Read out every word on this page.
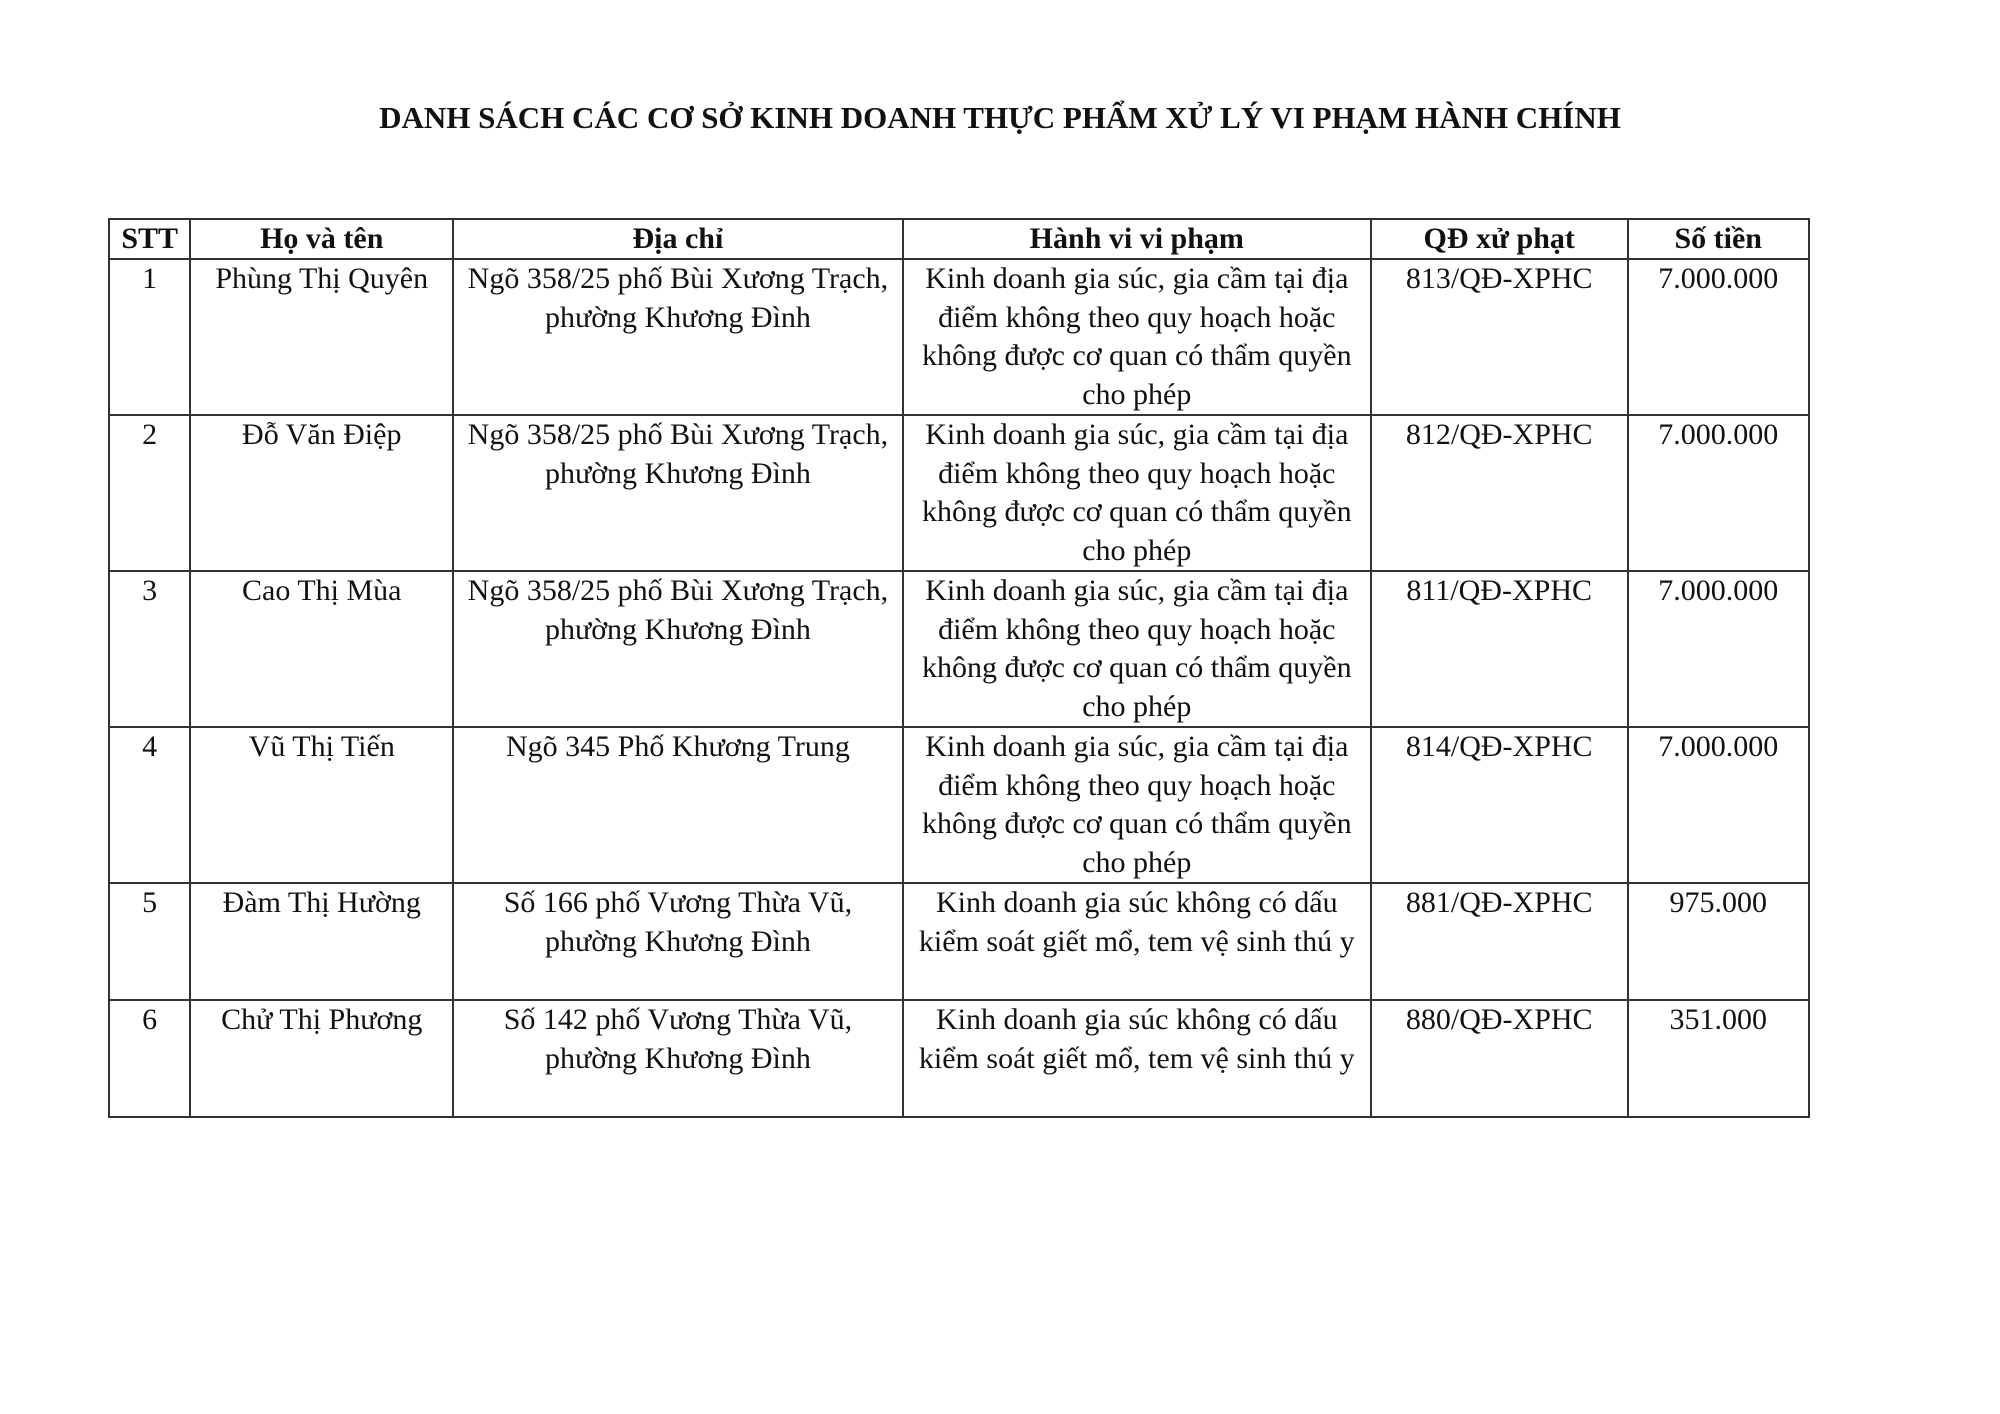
DANH SÁCH CÁC CƠ SỞ KINH DOANH THỰC PHẨM XỬ LÝ VI PHẠM HÀNH CHÍNH
STT	Họ và tên	Địa chỉ	Hành vi vi phạm	QĐ xử phạt	Số tiền
1	Phùng Thị Quyên	Ngõ 358/25 phố Bùi Xương Trạch, phường Khương Đình	Kinh doanh gia súc, gia cầm tại địa điểm không theo quy hoạch hoặc không được cơ quan có thẩm quyền cho phép	813/QĐ-XPHC	7.000.000
2	Đỗ Văn Điệp	Ngõ 358/25 phố Bùi Xương Trạch, phường Khương Đình	Kinh doanh gia súc, gia cầm tại địa điểm không theo quy hoạch hoặc không được cơ quan có thẩm quyền cho phép	812/QĐ-XPHC	7.000.000
3	Cao Thị Mùa	Ngõ 358/25 phố Bùi Xương Trạch, phường Khương Đình	Kinh doanh gia súc, gia cầm tại địa điểm không theo quy hoạch hoặc không được cơ quan có thẩm quyền cho phép	811/QĐ-XPHC	7.000.000
4	Vũ Thị Tiến	Ngõ 345 Phố Khương Trung	Kinh doanh gia súc, gia cầm tại địa điểm không theo quy hoạch hoặc không được cơ quan có thẩm quyền cho phép	814/QĐ-XPHC	7.000.000
5	Đàm Thị Hường	Số 166 phố Vương Thừa Vũ, phường Khương Đình	Kinh doanh gia súc không có dấu kiểm soát giết mổ, tem vệ sinh thú y	881/QĐ-XPHC	975.000
6	Chử Thị Phương	Số 142 phố Vương Thừa Vũ, phường Khương Đình	Kinh doanh gia súc không có dấu kiểm soát giết mổ, tem vệ sinh thú y	880/QĐ-XPHC	351.000
